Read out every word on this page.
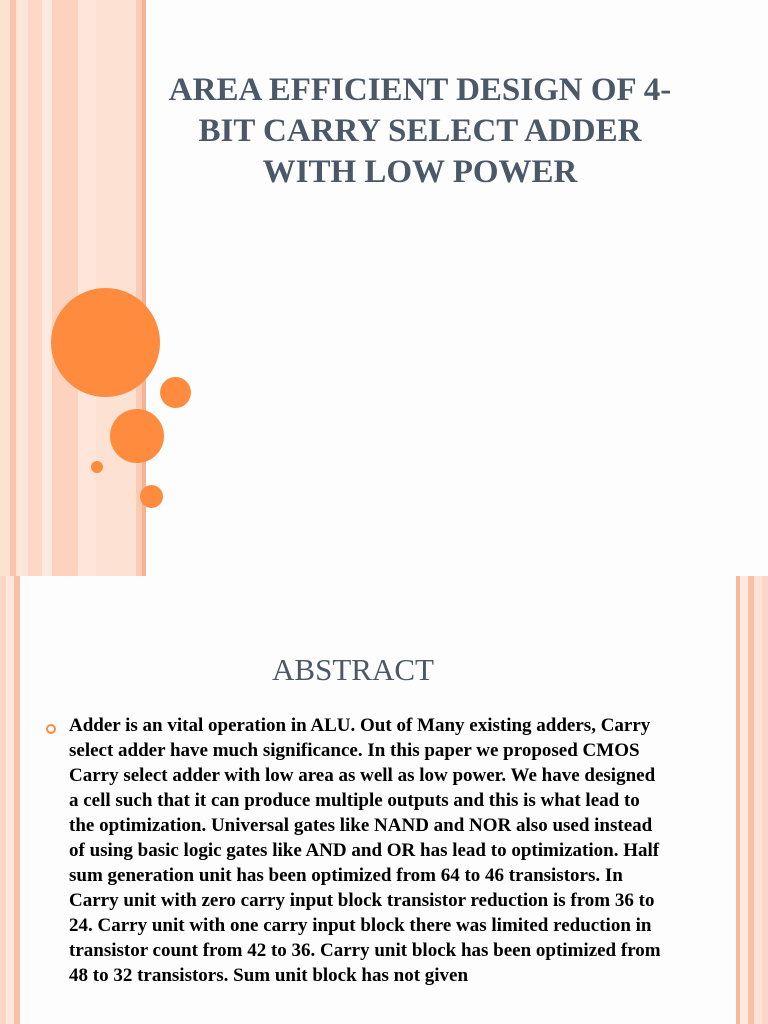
AREA EFFICIENT DESIGN OF 4-BIT CARRY SELECT ADDER WITH LOW POWER
ABSTRACT

Adder is an vital operation in ALU. Out of Many existing adders, Carry select adder have much significance. In this paper we proposed CMOS Carry select adder with low area as well as low power. We have designed a cell such that it can produce multiple outputs and this is what lead to the optimization. Universal gates like NAND and NOR also used instead of using basic logic gates like AND and OR has lead to optimization. Half sum generation unit has been optimized from 64 to 46 transistors. In Carry unit with zero carry input block transistor reduction is from 36 to 24. Carry unit with one carry input block there was limited reduction in transistor count from 42 to 36. Carry unit block has been optimized from 48 to 32 transistors. Sum unit block has not given
